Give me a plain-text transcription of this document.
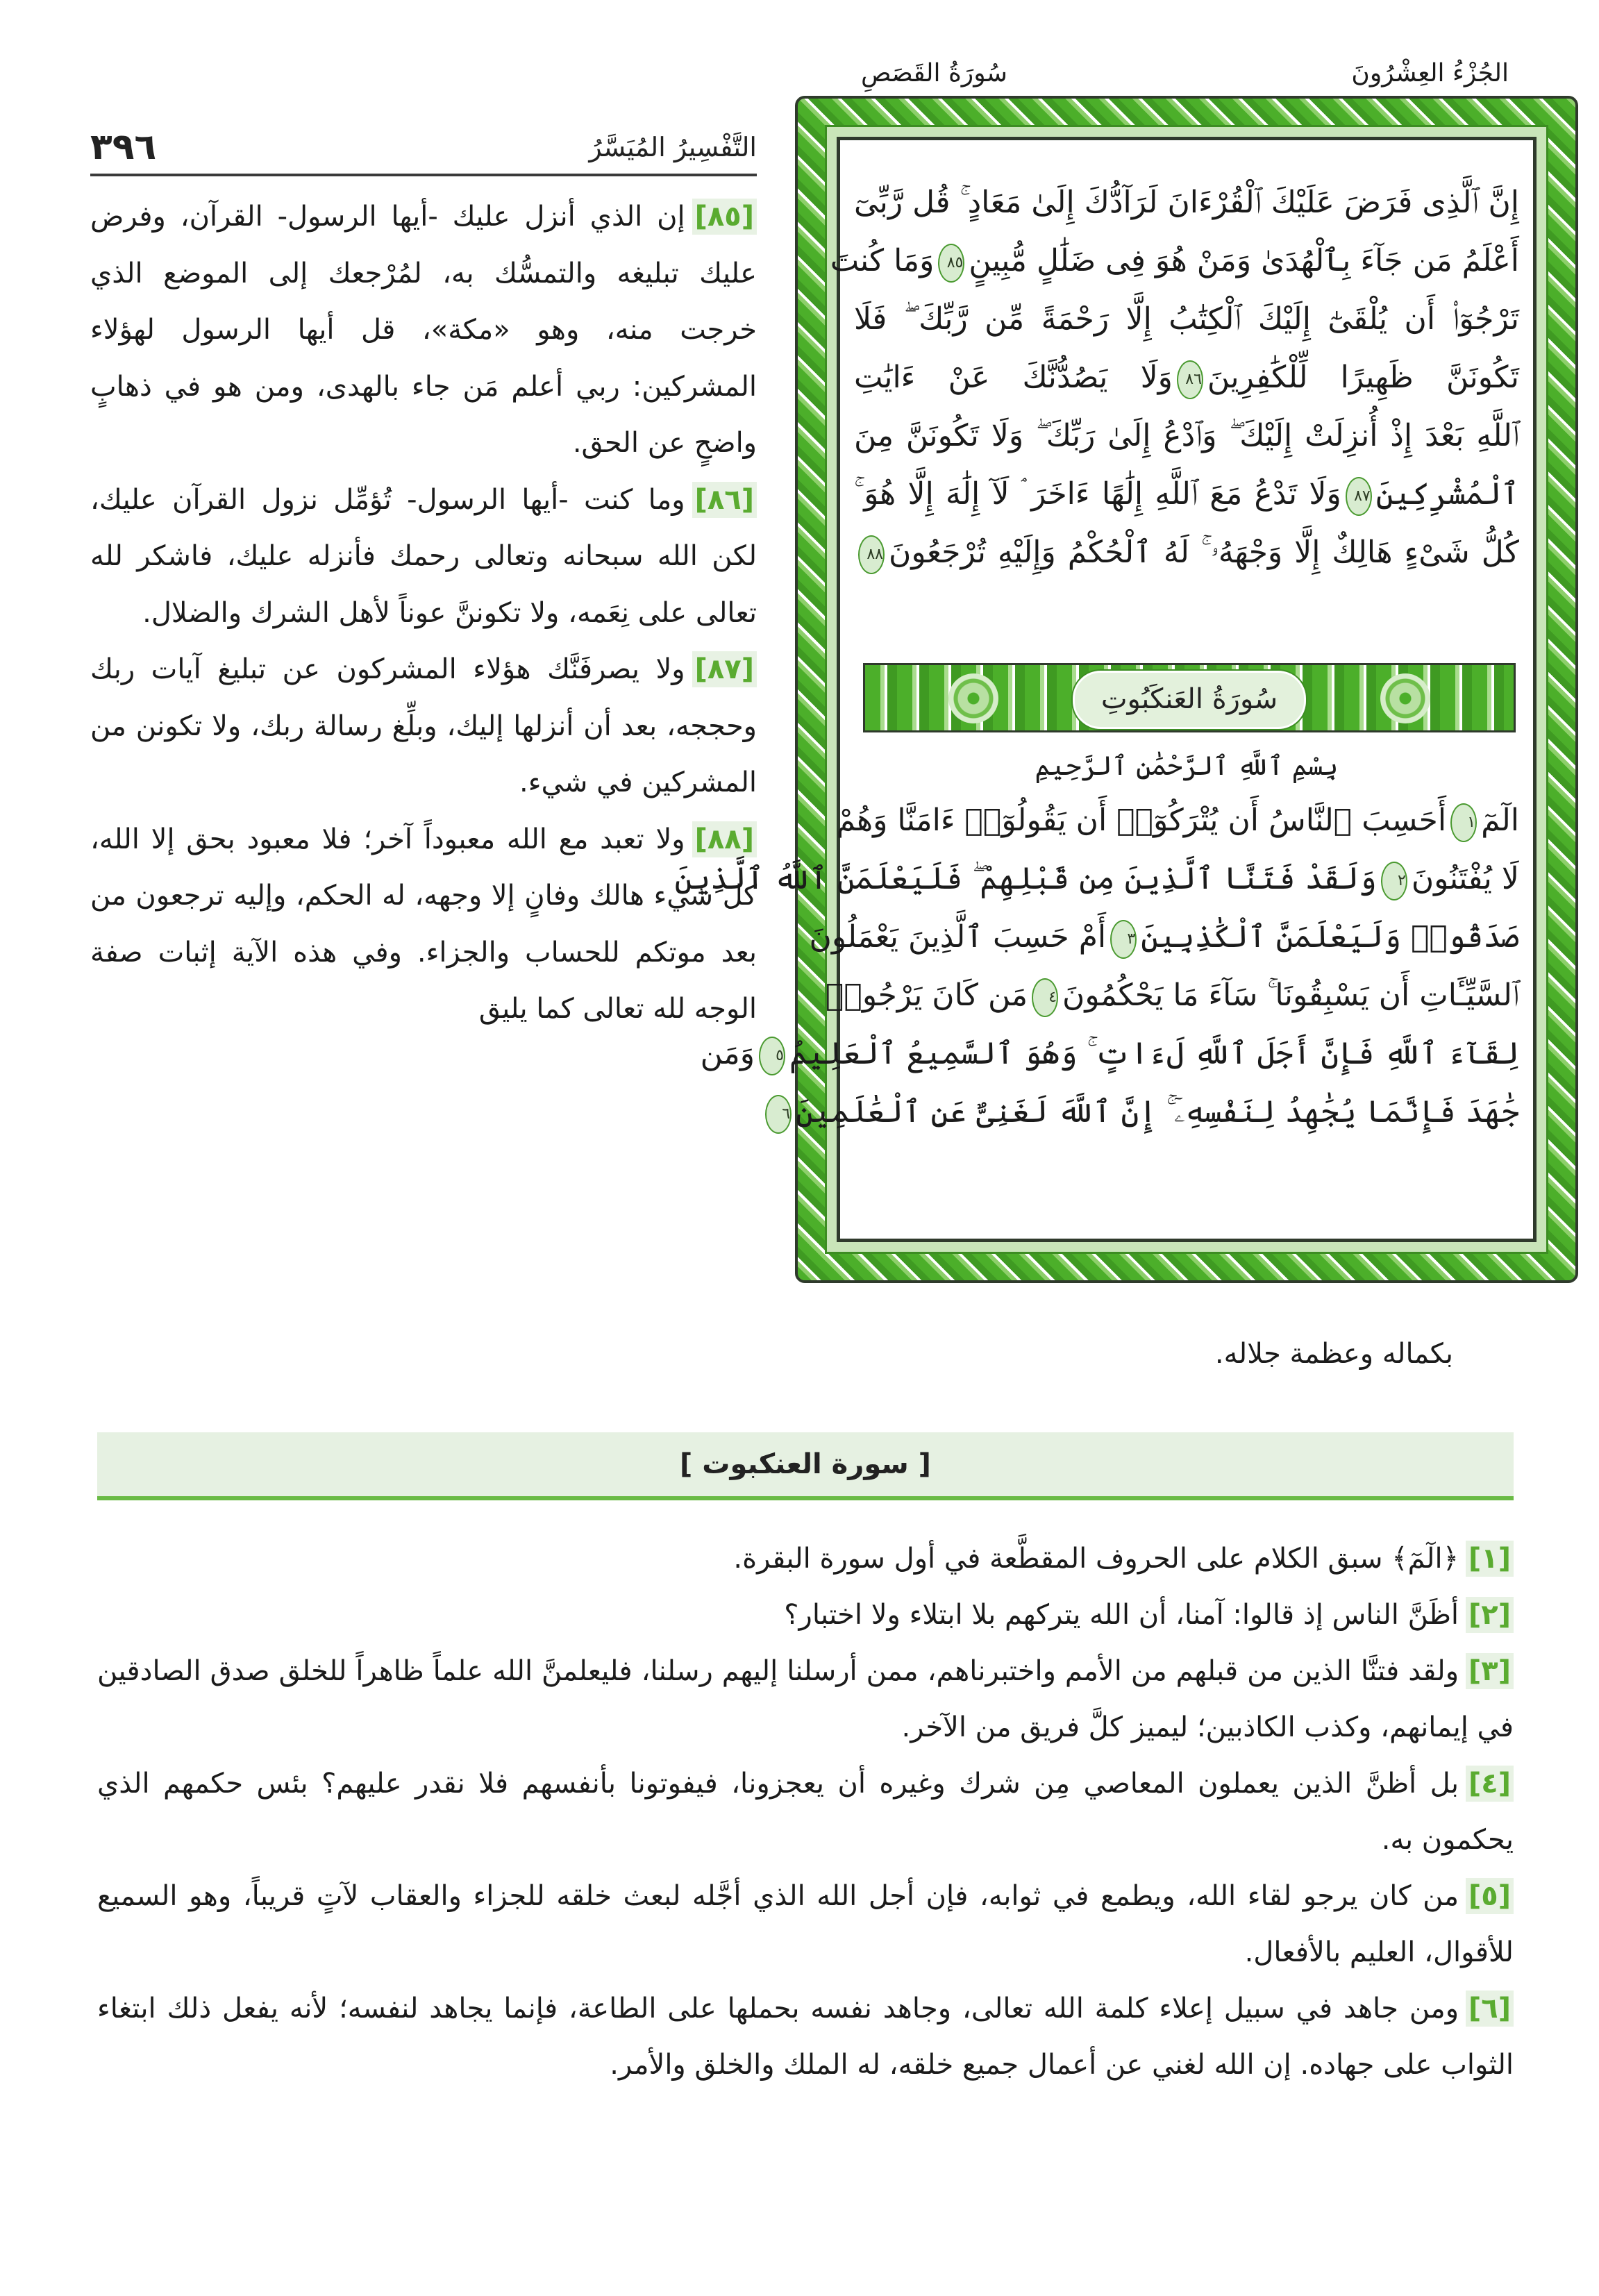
الجُزْءُ العِشْرُونَ
سُورَةُ القَصَصِ
التَّفْسِيرُ المُيَسَّرُ
٣٩٦

[ ٨٥ ]إن الذي أنزل عليك -أيها الرسول- القرآن، وفرض عليك تبليغه والتمسُّك به، لمُرْجعك إلى الموضع الذي خرجت منه، وهو «مكة»، قل أيها الرسول لهؤلاء المشركين: ربي أعلم مَن جاء بالهدى، ومن هو في ذهابٍ واضحٍ عن الحق.

[ ٨٦ ]وما كنت -أيها الرسول- تُؤمِّل نزول القرآن عليك، لكن الله سبحانه وتعالى رحمك فأنزله عليك، فاشكر لله تعالى على نِعَمه، ولا تكوننَّ عوناً لأهل الشرك والضلال.

[ ٨٧ ]ولا يصرفَنَّك هؤلاء المشركون عن تبليغ آيات ربك وحججه، بعد أن أنزلها إليك، وبلِّغ رسالة ربك، ولا تكونن من المشركين في شيء.

[ ٨٨ ]ولا تعبد مع الله معبوداً آخر؛ فلا معبود بحق إلا الله، كل شيء هالك وفانٍ إلا وجهه، له الحكم، وإليه ترجعون من بعد موتكم للحساب والجزاء. وفي هذه الآية إثبات صفة الوجه لله تعالى كما يليق

إِنَّ ٱلَّذِى فَرَضَ عَلَيْكَ ٱلْقُرْءَانَ لَرَآدُّكَ إِلَىٰ مَعَادٍ ۚ قُل رَّبِّىٓ
أَعْلَمُ مَن جَآءَ بِٱلْهُدَىٰ وَمَنْ هُوَ فِى ضَلَٰلٍ مُّبِينٍ٨٥وَمَا كُنتَ
تَرْجُوٓا۟ أَن يُلْقَىٰٓ إِلَيْكَ ٱلْكِتَٰبُ إِلَّا رَحْمَةً مِّن رَّبِّكَ ۖ فَلَا
تَكُونَنَّ ظَهِيرًا لِّلْكَٰفِرِينَ٨٦وَلَا يَصُدُّنَّكَ عَنْ ءَايَٰتِ
ٱللَّهِ بَعْدَ إِذْ أُنزِلَتْ إِلَيْكَ ۖ وَٱدْعُ إِلَىٰ رَبِّكَ ۖ وَلَا تَكُونَنَّ مِنَ
ٱلْمُشْرِكِينَ٨٧وَلَا تَدْعُ مَعَ ٱللَّهِ إِلَٰهًا ءَاخَرَ ۘ لَآ إِلَٰهَ إِلَّا هُوَ ۚ
كُلُّ شَىْءٍ هَالِكٌ إِلَّا وَجْهَهُۥ ۚ لَهُ ٱلْحُكْمُ وَإِلَيْهِ تُرْجَعُونَ٨٨
سُورَةُ العَنكَبُوتِ
بِسْمِ ٱللَّهِ ٱلرَّحْمَٰنِ ٱلرَّحِيمِ
الٓمٓ١أَحَسِبَ ٱلنَّاسُ أَن يُتْرَكُوٓا۟ أَن يَقُولُوٓا۟ ءَامَنَّا وَهُمْ
لَا يُفْتَنُونَ٢وَلَقَدْ فَتَنَّا ٱلَّذِينَ مِن قَبْلِهِمْ ۖ فَلَيَعْلَمَنَّ ٱللَّهُ ٱلَّذِينَ
صَدَقُوا۟ وَلَيَعْلَمَنَّ ٱلْكَٰذِبِينَ٣أَمْ حَسِبَ ٱلَّذِينَ يَعْمَلُونَ
ٱلسَّيِّـَٔاتِ أَن يَسْبِقُونَا ۚ سَآءَ مَا يَحْكُمُونَ٤مَن كَانَ يَرْجُوا۟
لِقَآءَ ٱللَّهِ فَإِنَّ أَجَلَ ٱللَّهِ لَءَاتٍ ۚ وَهُوَ ٱلسَّمِيعُ ٱلْعَلِيمُ٥وَمَن
جَٰهَدَ فَإِنَّمَا يُجَٰهِدُ لِنَفْسِهِۦٓ ۚ إِنَّ ٱللَّهَ لَغَنِىٌّ عَنِ ٱلْعَٰلَمِينَ٦
بكماله وعظمة جلاله.
[ سورة العنكبوت ]

[ ١ ]﴿الٓمٓ﴾ سبق الكلام على الحروف المقطَّعة في أول سورة البقرة.

[ ٢ ]أظَنَّ الناس إذ قالوا: آمنا، أن الله يتركهم بلا ابتلاء ولا اختبار؟

[ ٣ ]ولقد فتنَّا الذين من قبلهم من الأمم واختبرناهم، ممن أرسلنا إليهم رسلنا، فليعلمنَّ الله علماً ظاهراً للخلق صدق الصادقين في إيمانهم، وكذب الكاذبين؛ ليميز كلَّ فريق من الآخر.

[ ٤ ]بل أظنَّ الذين يعملون المعاصي مِن شرك وغيره أن يعجزونا، فيفوتونا بأنفسهم فلا نقدر عليهم؟ بئس حكمهم الذي يحكمون به.

[ ٥ ]من كان يرجو لقاء الله، ويطمع في ثوابه، فإن أجل الله الذي أجَّله لبعث خلقه للجزاء والعقاب لآتٍ قريباً، وهو السميع للأقوال، العليم بالأفعال.

[ ٦ ]ومن جاهد في سبيل إعلاء كلمة الله تعالى، وجاهد نفسه بحملها على الطاعة، فإنما يجاهد لنفسه؛ لأنه يفعل ذلك ابتغاء الثواب على جهاده. إن الله لغني عن أعمال جميع خلقه، له الملك والخلق والأمر.
